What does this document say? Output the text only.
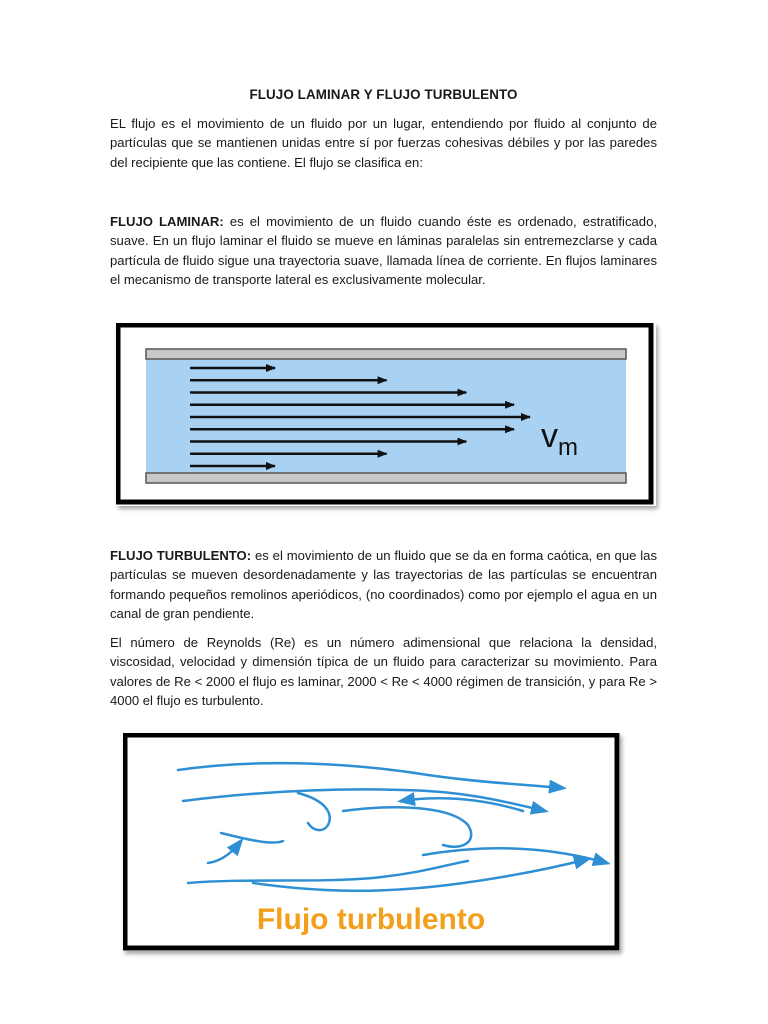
FLUJO LAMINAR Y FLUJO TURBULENTO

EL flujo es el movimiento de un fluido por un lugar, entendiendo por fluido al conjunto de partículas que se mantienen unidas entre sí por fuerzas cohesivas débiles y por las paredes del recipiente que las contiene. El flujo se clasifica en:

FLUJO LAMINAR: es el movimiento de un fluido cuando éste es ordenado, estratificado, suave. En un flujo laminar el fluido se mueve en láminas paralelas sin entremezclarse y cada partícula de fluido sigue una trayectoria suave, llamada línea de corriente. En flujos laminares el mecanismo de transporte lateral es exclusivamente molecular.

FLUJO TURBULENTO: es el movimiento de un fluido que se da en forma caótica, en que las partículas se mueven desordenadamente y las trayectorias de las partículas se encuentran formando pequeños remolinos aperiódicos, (no coordinados) como por ejemplo el agua en un canal de gran pendiente.

El número de Reynolds (Re) es un número adimensional que relaciona la densidad, viscosidad, velocidad y dimensión típica de un fluido para caracterizar su movimiento. Para valores de Re < 2000 el flujo es laminar, 2000 < Re < 4000 régimen de transición, y para Re > 4000 el flujo es turbulento.

$v_m$
Flujo turbulento
